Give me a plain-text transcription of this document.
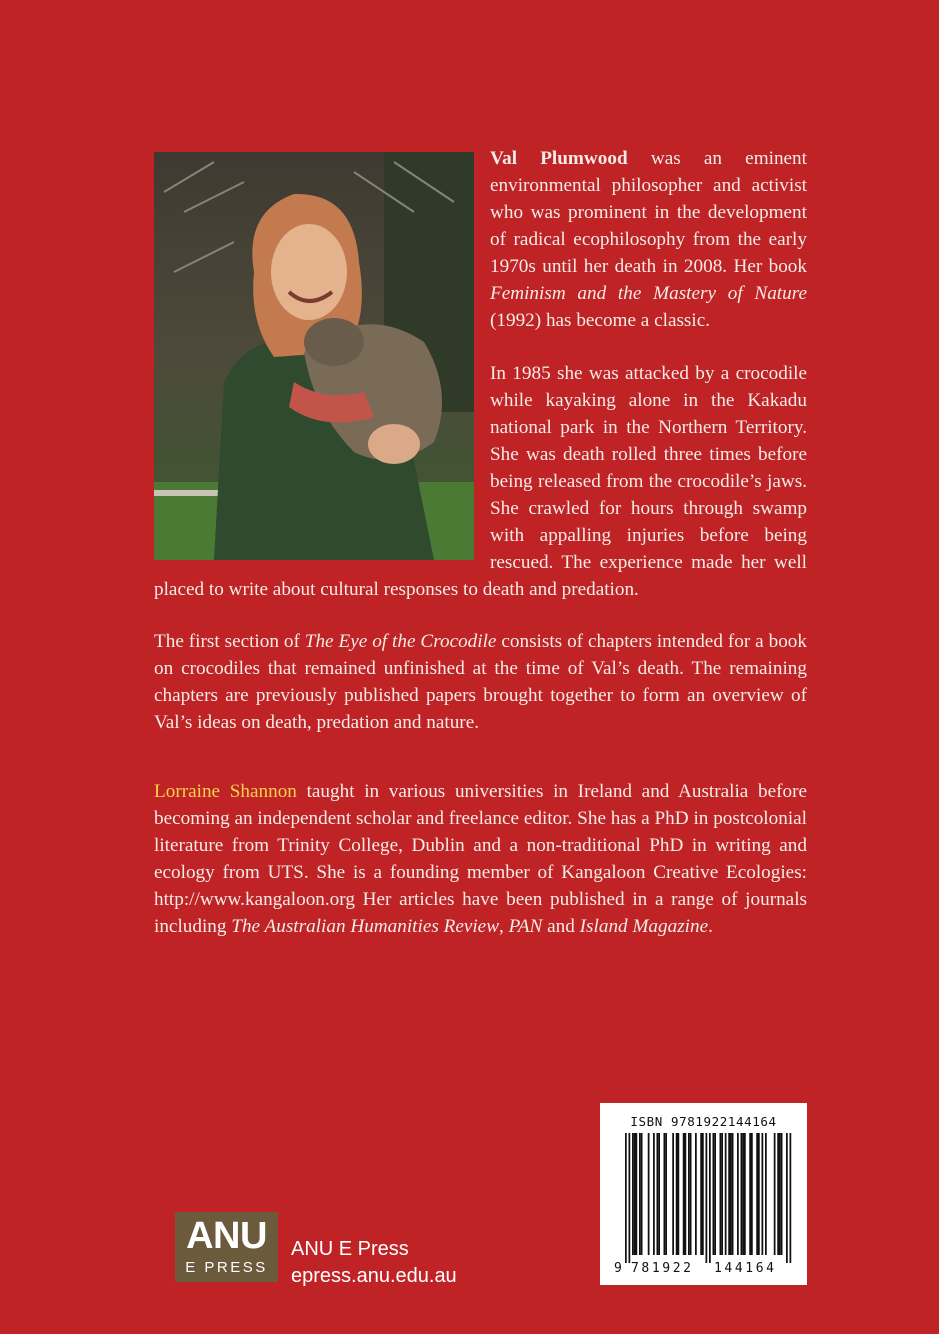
Val Plumwood was an eminent environmental philosopher and activist who was prominent in the development of radical ecophilosophy from the early 1970s until her death in 2008. Her book Feminism and the Mastery of Nature (1992) has become a classic.

In 1985 she was attacked by a crocodile while kayaking alone in the Kakadu national park in the Northern Territory. She was death rolled three times before being released from the crocodile’s jaws. She crawled for hours through swamp with appalling injuries before being rescued. The experience made her well placed to write about cultural responses to death and predation.

The first section of The Eye of the Crocodile consists of chapters intended for a book on crocodiles that remained unfinished at the time of Val’s death. The remaining chapters are previously published papers brought together to form an overview of Val’s ideas on death, predation and nature.

Lorraine Shannon taught in various universities in Ireland and Australia before becoming an independent scholar and freelance editor. She has a PhD in postcolonial literature from Trinity College, Dublin and a non-traditional PhD in writing and ecology from UTS. She is a founding member of Kangaloon Creative Ecologies: http://www.kangaloon.org Her articles have been published in a range of journals including The Australian Humanities Review, PAN and Island Magazine.

ISBN 9781922144164
9 781922 144164
ANU
E PRESS
ANU E Press
epress.anu.edu.au
